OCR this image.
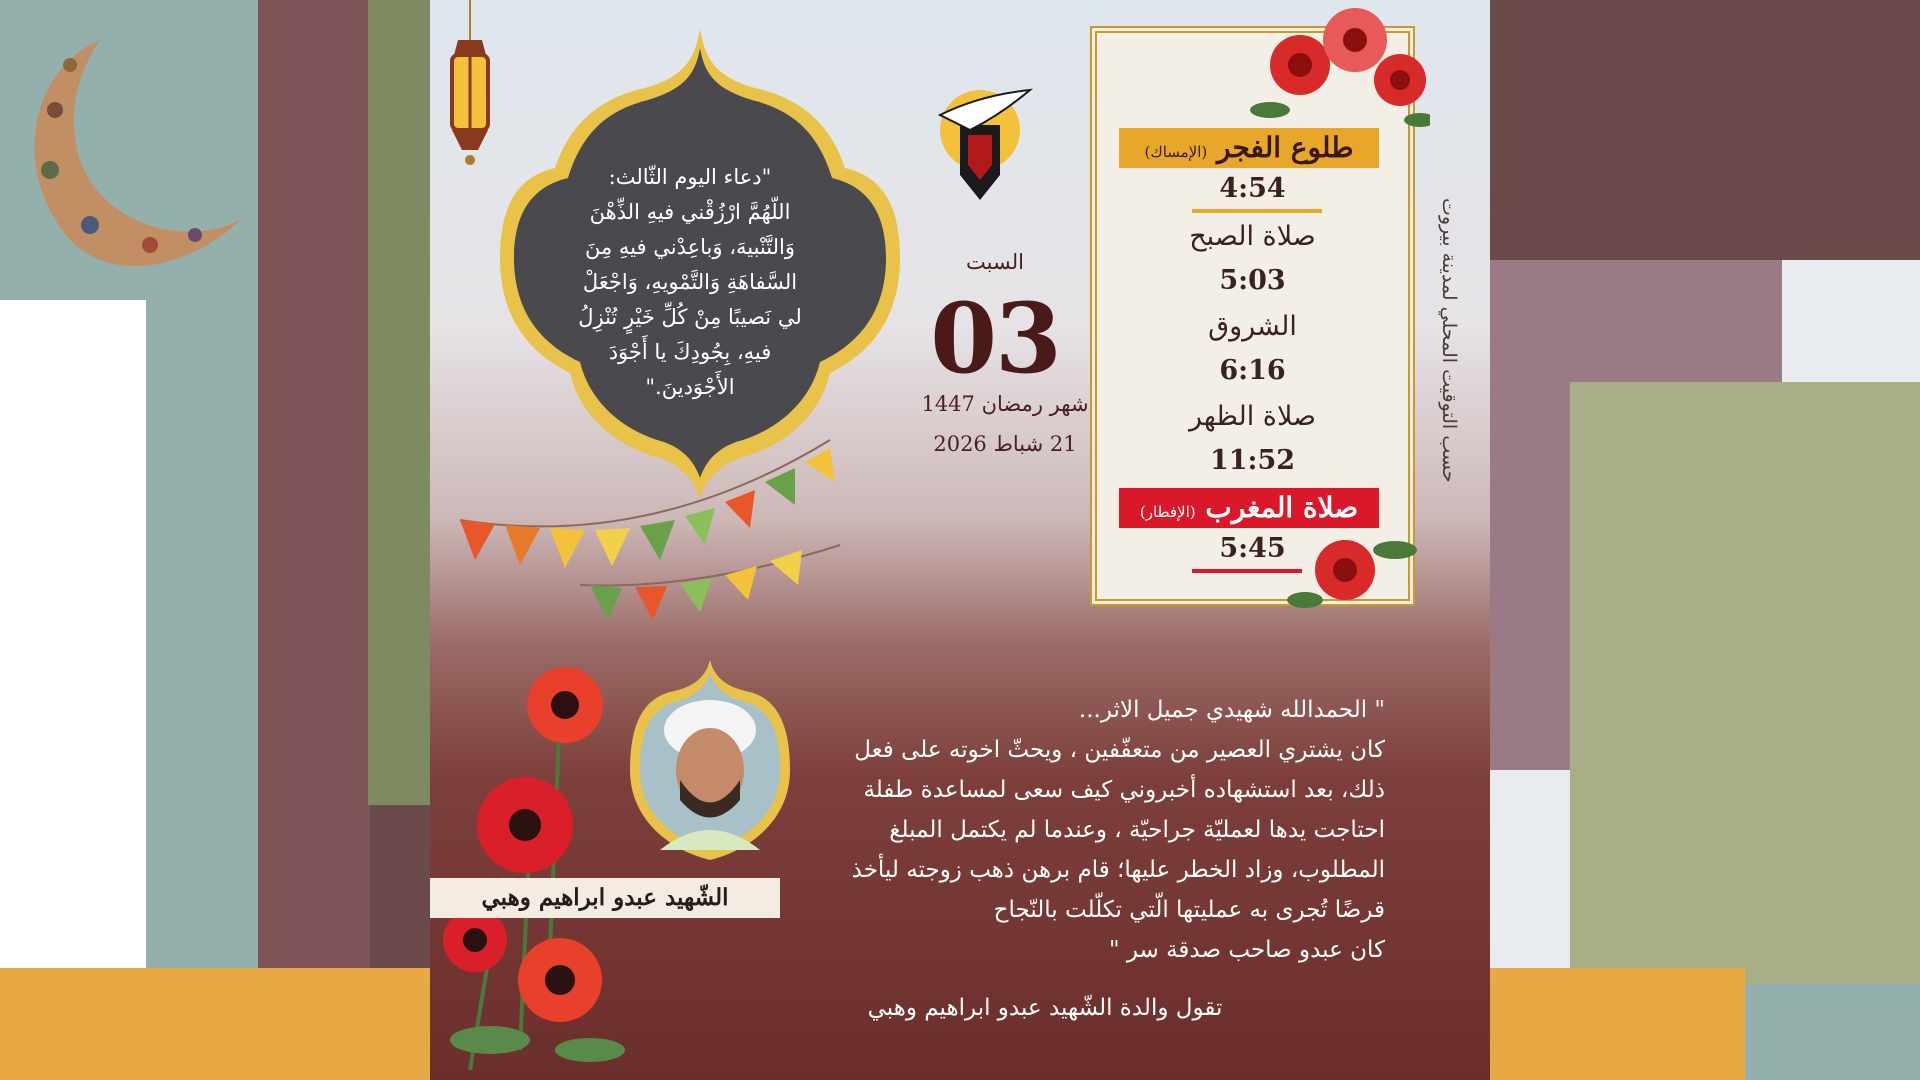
"دعاء اليوم الثّالث:
اللّهُمَّ ارْزُقْني فيهِ الذِّهْنَ
وَالتَّنْبيهَ، وَباعِدْني فيهِ مِنَ
السَّفاهَةِ وَالتَّمْويهِ، وَاجْعَلْ
لي نَصيبًا مِنْ كُلِّ خَيْرٍ تُنْزِلُ
فيهِ، بِجُودِكَ يا أَجْوَدَ
الأَجْوَدينَ."
السبت
03
شهر رمضان 1447
21 شباط 2026
طلوع الفجر (الإمساك)
4:54
صلاة الصبح
5:03
الشروق
6:16
صلاة الظهر
11:52
صلاة المغرب (الإفطار)
5:45
حسب التوقيت المحلي لمدينة بيروت
الشّهيد عبدو ابراهيم وهبي
" الحمدالله شهيدي جميل الاثر...
كان يشتري العصير من متعفّفين ، ويحثّ اخوته على فعل
ذلك، بعد استشهاده أخبروني كيف سعى لمساعدة طفلة
احتاجت يدها لعمليّة جراحيّة ، وعندما لم يكتمل المبلغ
المطلوب، وزاد الخطر عليها؛ قام برهن ذهب زوجته ليأخذ
قرضًا تُجرى به عمليتها الّتي تكلّلت بالنّجاح
كان عبدو صاحب صدقة سر "
تقول والدة الشّهيد عبدو ابراهيم وهبي
